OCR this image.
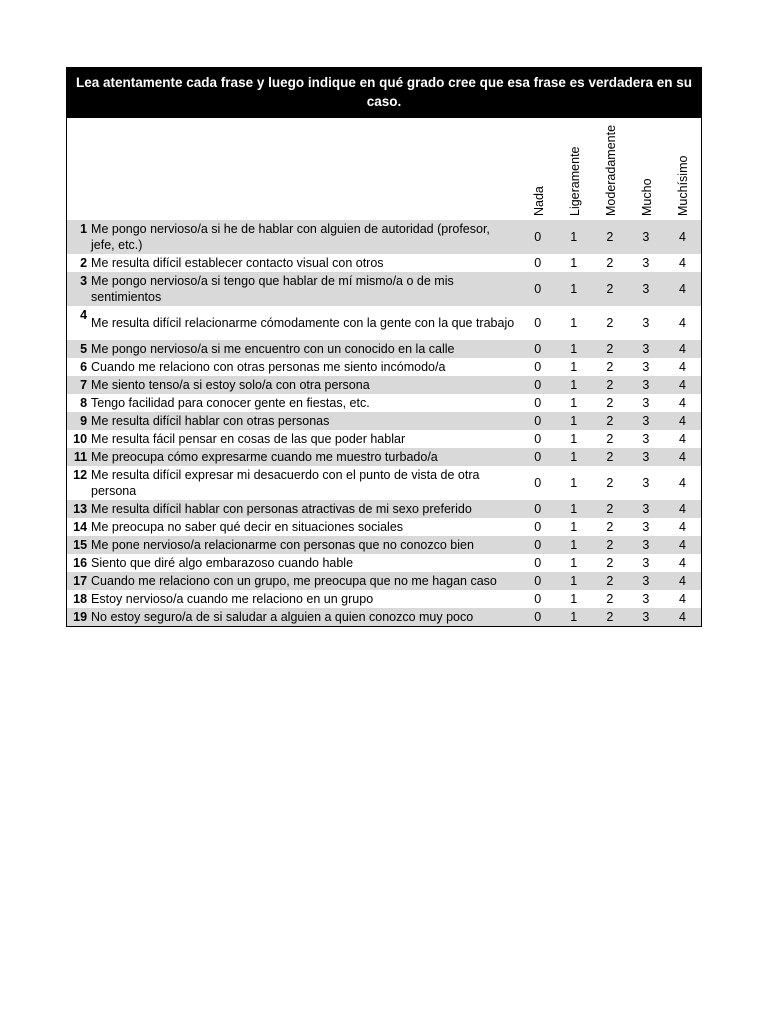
Lea atentamente cada frase y luego indique en qué grado cree que esa frase es verdadera en su caso.
Nada Ligeramente Moderadamente Mucho Muchísimo
1	Me pongo nervioso/a si he de hablar con alguien de autoridad (profesor, jefe, etc.)	0	1	2	3	4
2	Me resulta difícil establecer contacto visual con otros	0	1	2	3	4
3	Me pongo nervioso/a si tengo que hablar de mí mismo/a o de mis sentimientos	0	1	2	3	4
4	Me resulta difícil relacionarme cómodamente con la gente con la que trabajo	0	1	2	3	4
5	Me pongo nervioso/a si me encuentro con un conocido en la calle	0	1	2	3	4
6	Cuando me relaciono con otras personas me siento incómodo/a	0	1	2	3	4
7	Me siento tenso/a si estoy solo/a con otra persona	0	1	2	3	4
8	Tengo facilidad para conocer gente en fiestas, etc.	0	1	2	3	4
9	Me resulta difícil hablar con otras personas	0	1	2	3	4
10	Me resulta fácil pensar en cosas de las que poder hablar	0	1	2	3	4
11	Me preocupa cómo expresarme cuando me muestro turbado/a	0	1	2	3	4
12	Me resulta difícil expresar mi desacuerdo con el punto de vista de otra persona	0	1	2	3	4
13	Me resulta difícil hablar con personas atractivas de mi sexo preferido	0	1	2	3	4
14	Me preocupa no saber qué decir en situaciones sociales	0	1	2	3	4
15	Me pone nervioso/a relacionarme con personas que no conozco bien	0	1	2	3	4
16	Siento que diré algo embarazoso cuando hable	0	1	2	3	4
17	Cuando me relaciono con un grupo, me preocupa que no me hagan caso	0	1	2	3	4
18	Estoy nervioso/a cuando me relaciono en un grupo	0	1	2	3	4
19	No estoy seguro/a de si saludar a alguien a quien conozco muy poco	0	1	2	3	4
